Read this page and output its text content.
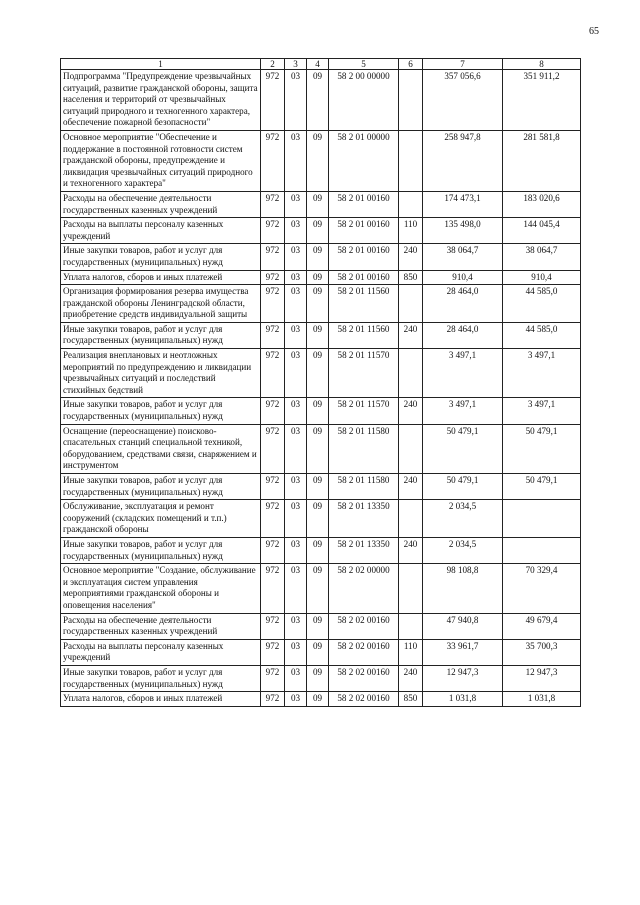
65
1	2	3	4	5	6	7	8
Подпрограмма "Предупреждение чрезвычайных ситуаций, развитие гражданской обороны, защита населения и территорий от чрезвычайных ситуаций природного и техногенного характера, обеспечение пожарной безопасности"	972	03	09	58 2 00 00000		357 056,6	351 911,2
Основное мероприятие "Обеспечение и поддержание в постоянной готовности систем гражданской обороны, предупреждение и ликвидация чрезвычайных ситуаций природного и техногенного характера"	972	03	09	58 2 01 00000		258 947,8	281 581,8
Расходы на обеспечение деятельности государственных казенных учреждений	972	03	09	58 2 01 00160		174 473,1	183 020,6
Расходы на выплаты персоналу казенных учреждений	972	03	09	58 2 01 00160	110	135 498,0	144 045,4
Иные закупки товаров, работ и услуг для государственных (муниципальных) нужд	972	03	09	58 2 01 00160	240	38 064,7	38 064,7
Уплата налогов, сборов и иных платежей	972	03	09	58 2 01 00160	850	910,4	910,4
Организация формирования резерва имущества гражданской обороны Ленинградской области, приобретение средств индивидуальной защиты	972	03	09	58 2 01 11560		28 464,0	44 585,0
Иные закупки товаров, работ и услуг для государственных (муниципальных) нужд	972	03	09	58 2 01 11560	240	28 464,0	44 585,0
Реализация внеплановых и неотложных мероприятий по предупреждению и ликвидации чрезвычайных ситуаций и последствий стихийных бедствий	972	03	09	58 2 01 11570		3 497,1	3 497,1
Иные закупки товаров, работ и услуг для государственных (муниципальных) нужд	972	03	09	58 2 01 11570	240	3 497,1	3 497,1
Оснащение (переоснащение) поисково-спасательных станций специальной техникой, оборудованием, средствами связи, снаряжением и инструментом	972	03	09	58 2 01 11580		50 479,1	50 479,1
Иные закупки товаров, работ и услуг для государственных (муниципальных) нужд	972	03	09	58 2 01 11580	240	50 479,1	50 479,1
Обслуживание, эксплуатация и ремонт сооружений (складских помещений и т.п.) гражданской обороны	972	03	09	58 2 01 13350		2 034,5	
Иные закупки товаров, работ и услуг для государственных (муниципальных) нужд	972	03	09	58 2 01 13350	240	2 034,5	
Основное мероприятие "Создание, обслуживание и эксплуатация систем управления мероприятиями гражданской обороны и оповещения населения"	972	03	09	58 2 02 00000		98 108,8	70 329,4
Расходы на обеспечение деятельности государственных казенных учреждений	972	03	09	58 2 02 00160		47 940,8	49 679,4
Расходы на выплаты персоналу казенных учреждений	972	03	09	58 2 02 00160	110	33 961,7	35 700,3
Иные закупки товаров, работ и услуг для государственных (муниципальных) нужд	972	03	09	58 2 02 00160	240	12 947,3	12 947,3
Уплата налогов, сборов и иных платежей	972	03	09	58 2 02 00160	850	1 031,8	1 031,8
